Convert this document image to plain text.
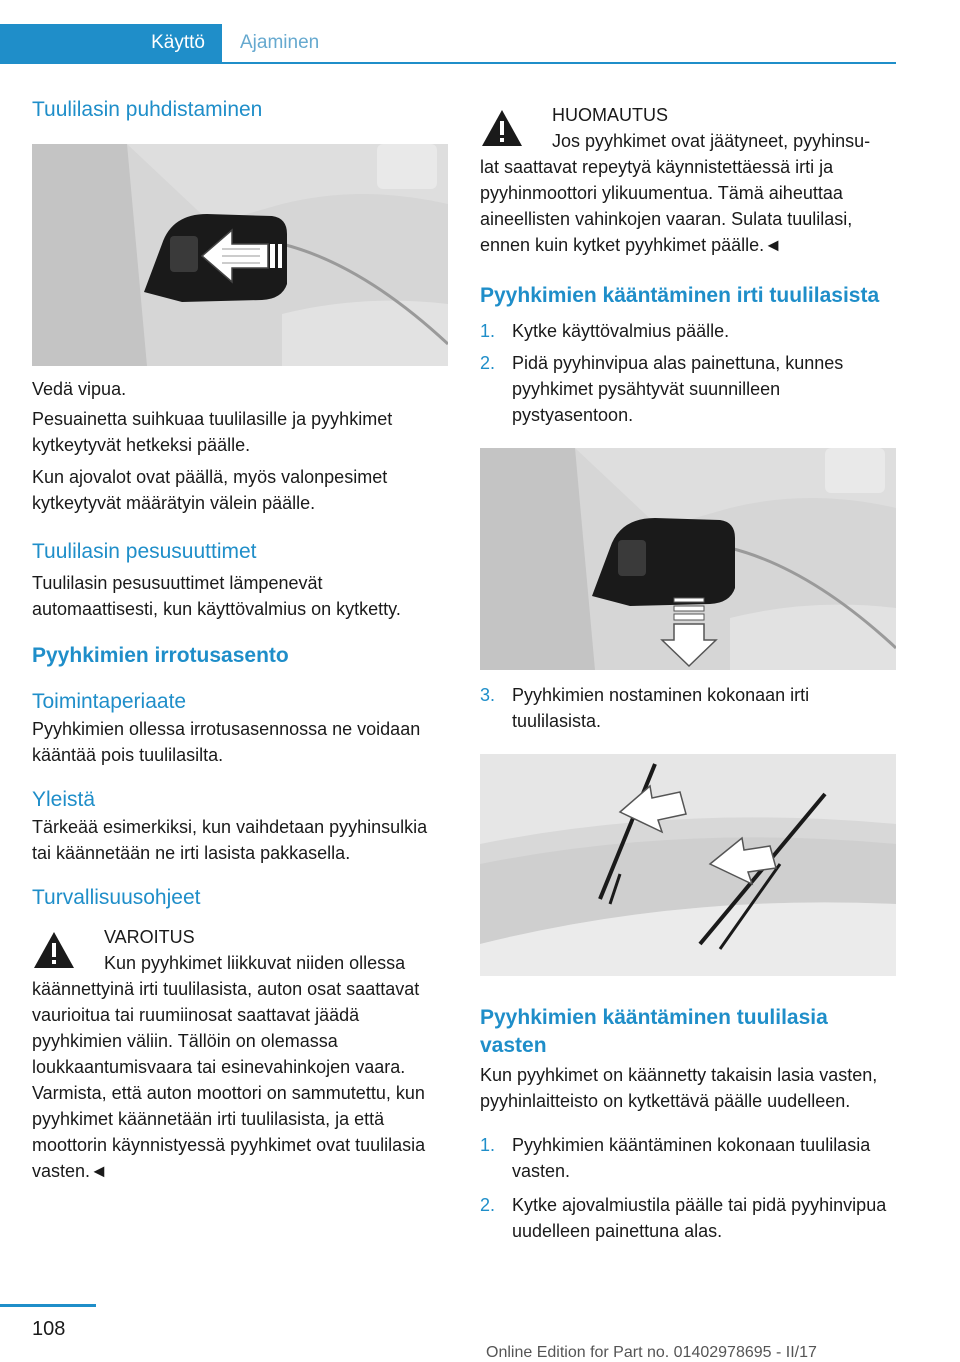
Käyttö	Ajaminen
Tuulilasin puhdistaminen

Vedä vipua.

Pesuainetta suihkuaa tuulilasille ja pyyhkimet kytkeytyvät hetkeksi päälle.

Kun ajovalot ovat päällä, myös valonpesimet kytkeytyvät määrätyin välein päälle.

Tuulilasin pesusuuttimet

Tuulilasin pesusuuttimet lämpenevät automaattisesti, kun käyttövalmius on kytketty.

Pyyhkimien irrotusasento
Toimintaperiaate

Pyyhkimien ollessa irrotusasennossa ne voidaan kääntää pois tuulilasilta.

Yleistä

Tärkeää esimerkiksi, kun vaihdetaan pyyhinsulkia tai käännetään ne irti lasista pakkasella.

Turvallisuusohjeet
VAROITUS
Kun pyyhkimet liikkuvat niiden ollessa
käännettyinä irti tuulilasista, auton osat saattavat vaurioitua tai ruumiinosat saattavat jäädä pyyhkimien väliin. Tällöin on olemassa loukkaantumisvaara tai esinevahinkojen vaara. Varmista, että auton moottori on sammutettu, kun pyyhkimet käännetään irti tuulilasista, ja että moottorin käynnistyessä pyyhkimet ovat tuulilasia vasten.◄
HUOMAUTUS
Jos pyyhkimet ovat jäätyneet, pyyhinsu-
lat saattavat repeytyä käynnistettäessä irti ja pyyhinmoottori ylikuumentua. Tämä aiheuttaa aineellisten vahinkojen vaaran. Sulata tuulilasi, ennen kuin kytket pyyhkimet päälle.◄
Pyyhkimien kääntäminen irti tuulilasista
1. Kytke käyttövalmius päälle.
2. Pidä pyyhinvipua alas painettuna, kunnes pyyhkimet pysähtyvät suunnilleen pystyasentoon.
3. Pyyhkimien nostaminen kokonaan irti tuulilasista.
Pyyhkimien kääntäminen tuulilasia vasten

Kun pyyhkimet on käännetty takaisin lasia vasten, pyyhinlaitteisto on kytkettävä päälle uudelleen.

1. Pyyhkimien kääntäminen kokonaan tuulilasia vasten.
2. Kytke ajovalmiustila päälle tai pidä pyyhinvipua uudelleen painettuna alas.
108
Online Edition for Part no. 01402978695 - II/17
